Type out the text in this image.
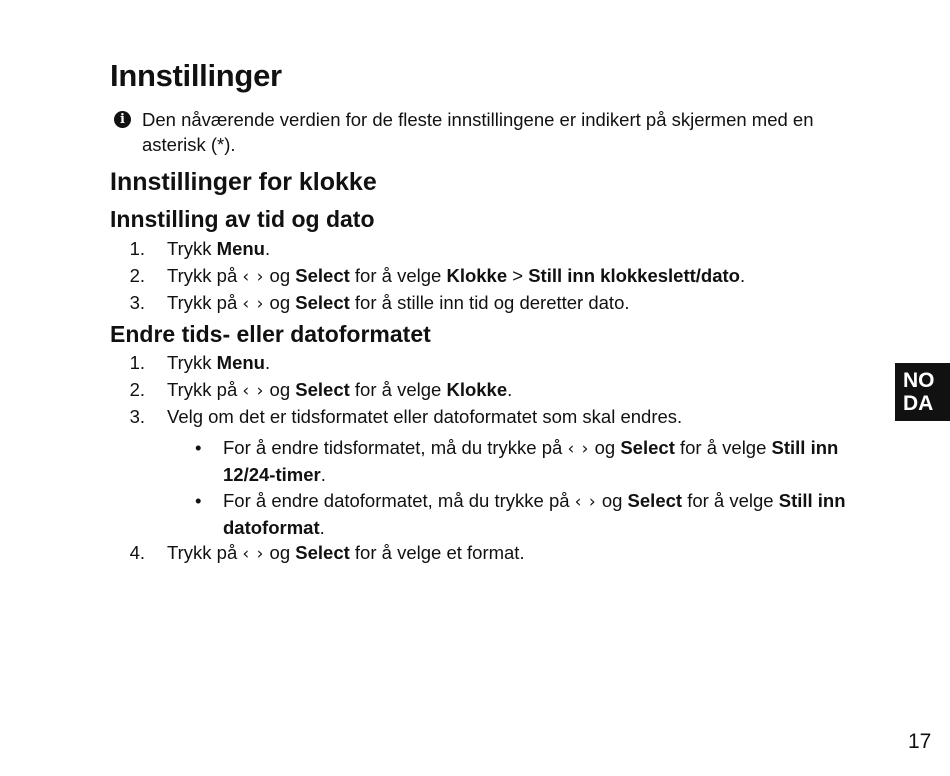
Innstillinger
i Den nåværende verdien for de fleste innstillingene er indikert på skjermen med en asterisk (*).
Innstillinger for klokke
Innstilling av tid og dato
1. Trykk Menu.
2. Trykk på ‹ › og Select for å velge Klokke > Still inn klokkeslett/dato.
3. Trykk på ‹ › og Select for å stille inn tid og deretter dato.
Endre tids- eller datoformatet
1. Trykk Menu.
2. Trykk på ‹ › og Select for å velge Klokke.
3. Velg om det er tidsformatet eller datoformatet som skal endres.
• For å endre tidsformatet, må du trykke på ‹ › og Select for å velge Still inn 12/24-timer.
• For å endre datoformatet, må du trykke på ‹ › og Select for å velge Still inn datoformat.
4. Trykk på ‹ › og Select for å velge et format.
NO
DA
17
